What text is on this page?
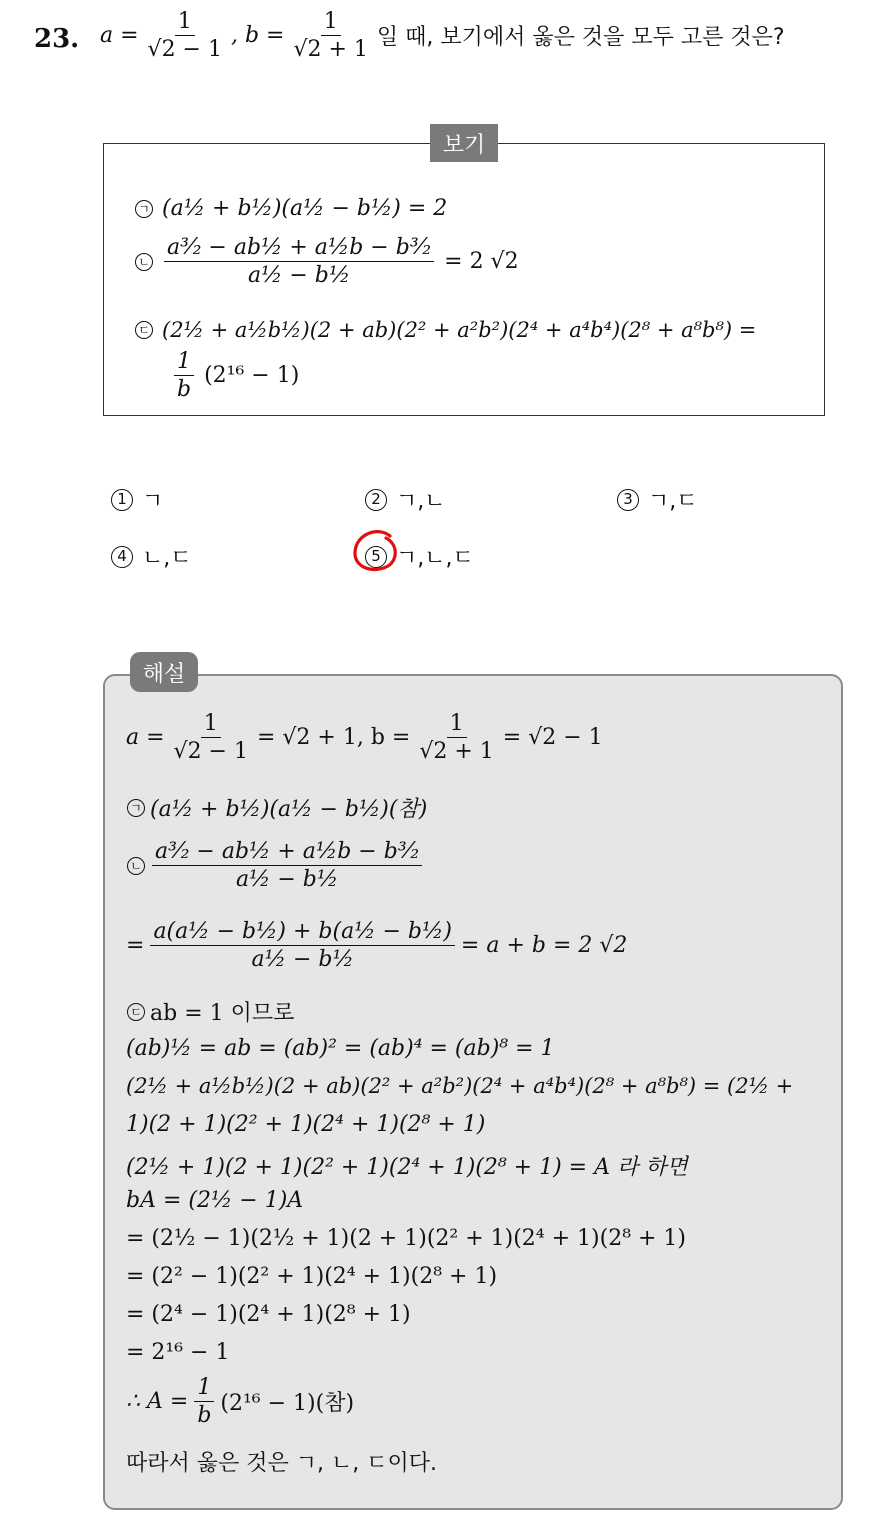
23. $a = \frac{1}{√2 - 1}$ , $b = \frac{1}{√2 + 1}$ 일 때, 보기에서 옳은 것을 모두 고른 것은?
보기
ㄱ (a½ + b½)(a½ − b½) = 2
ㄴ $\frac{\text{a³⁄₂ − ab½ + a½b − b³⁄₂}}{\text{a½ − b½}} = 2$ √2
ㄷ (2½ + a½b½)(2 + ab)(2² + a²b²)(2⁴ + a⁴b⁴)(2⁸ + a⁸b⁸) =
$\frac{1}{b} (2^{16} - 1)$
1 ㄱ	2 ㄱ,ㄴ	3 ㄱ,ㄷ
4 ㄴ,ㄷ	5 ㄱ,ㄴ,ㄷ
해설
$a = \frac{1}{√2 - 1} = √2 + 1$, $b = \frac{1}{√2 + 1} = √2 - 1$
ㄱ (a½ + b½)(a½ − b½)(참)
ㄴ $\frac{\text{a³⁄₂ − ab½ + a½b − b³⁄₂}}{\text{a½ − b½}}$
= $\frac{\text{a(a½ − b½) + b(a½ − b½)}}{\text{a½ − b½}} = a + b = 2$ √2
ㄷ ab = 1 이므로
(ab)½ = ab = (ab)² = (ab)⁴ = (ab)⁸ = 1
(2½ + a½b½)(2 + ab)(2² + a²b²)(2⁴ + a⁴b⁴)(2⁸ + a⁸b⁸) = (2½ +
1)(2 + 1)(2² + 1)(2⁴ + 1)(2⁸ + 1)
(2½ + 1)(2 + 1)(2² + 1)(2⁴ + 1)(2⁸ + 1) = A 라 하면
bA = (2½ − 1)A
= (2½ − 1)(2½ + 1)(2 + 1)(2² + 1)(2⁴ + 1)(2⁸ + 1)
= (2² − 1)(2² + 1)(2⁴ + 1)(2⁸ + 1)
= (2⁴ − 1)(2⁴ + 1)(2⁸ + 1)
= 2¹⁶ − 1
∴ $A = \frac{1}{b} (2^{16} - 1)$(참)
따라서 옳은 것은 ㄱ, ㄴ, ㄷ이다.
